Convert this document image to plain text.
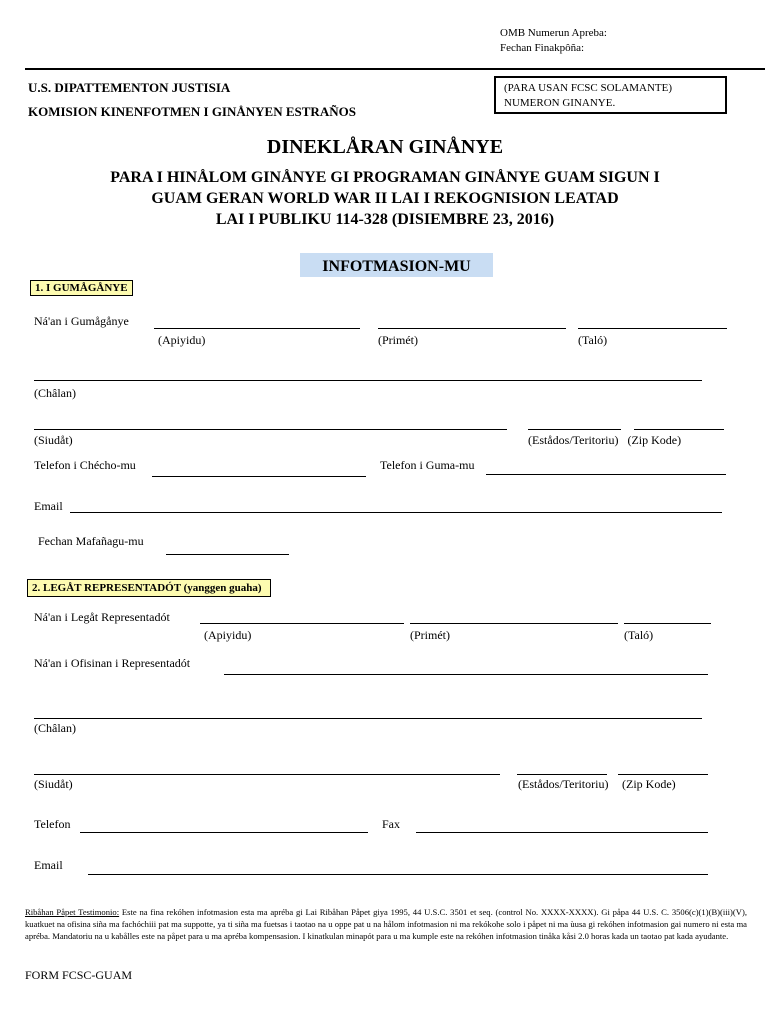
OMB Numerun Apreba:
Fechan Finakpôña:
U.S. DIPATTEMENTON JUSTISIA
KOMISION KINENFOTMEN I GINÅNYEN ESTRAÑOS
(PARA USAN FCSC SOLAMANTE)
NUMERON GINANYE.
DINEKLÅRAN GINÅNYE
PARA I HINÅLOM GINÅNYE GI PROGRAMAN GINÅNYE GUAM SIGUN I
GUAM GERAN WORLD WAR II LAI I REKOGNISION LEATAD
LAI I PUBLIKU 114-328 (DISIEMBRE 23, 2016)
INFOTMASION-MU
1. I GUMÅGÅNYE
Ná'an i Gumågånye
(Apiyidu)	(Primét)	(Taló)
(Châlan)
(Siudåt)	(Estådos/Teritoriu)   (Zip Kode)
Telefon i Chécho-mu	Telefon i Guma-mu
Email
Fechan Mafañagu-mu
2. LEGÅT REPRESENTADÓT (yanggen guaha)
Ná'an i Legåt Representadót
(Apiyidu)	(Primét)	(Taló)
Ná'an i Ofisinan i Representadót
(Châlan)
(Siudåt)	(Estådos/Teritoriu) (Zip Kode)
Telefon	Fax
Email
Ribåhan Påpet Testimonio: Este na fina rekóhen infotmasion esta ma apréba gi Lai Ribåhan Påpet giya 1995, 44 U.S.C. 3501 et seq. (control No. XXXX-XXXX). Gi påpa 44 U.S. C. 3506(c)(1)(B)(iii)(V), kuatkuet na ofisina siña ma fachóchiii pat ma suppotte, ya ti siña ma fuetsas i taotao na u oppe pat u na hålom infotmasion ni ma rekókohe solo i påpet ni ma ùusa gi rekóhen infotmasion gai numero ni esta ma apréba. Mandatoriu na u kabålles este na påpet para u ma apréba kompensasion. I kinatkulan minapót para u ma kumple este na rekóhen infotmasion tinåka kåsi 2.0 horas kada un taotao pat kada ayudante.
FORM FCSC-GUAM
